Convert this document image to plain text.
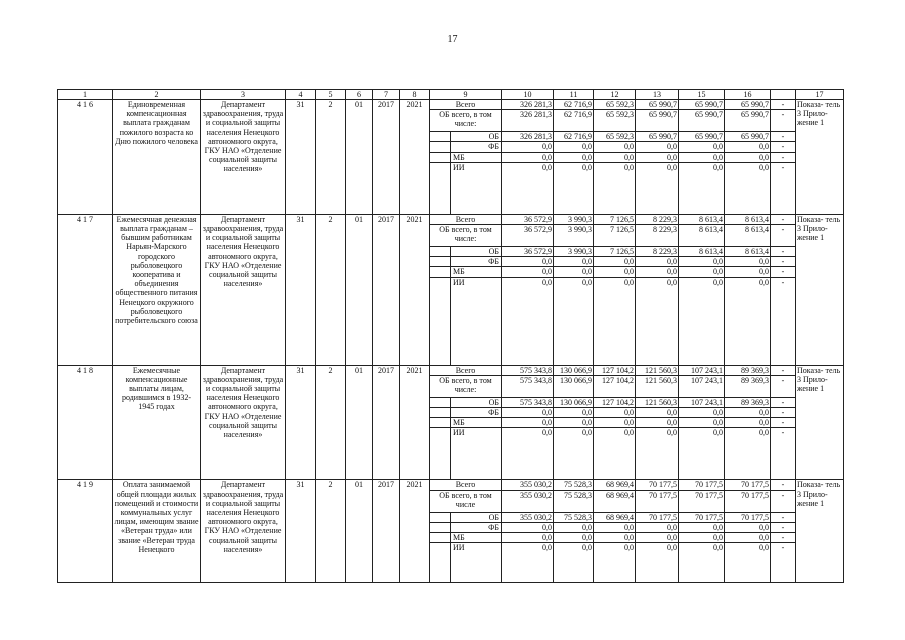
17
1	2	3	4	5	6	7	8	9		10	11	12	13	15	16		17
4 1 6	Единовременная компенсационная выплата гражданам пожилого возраста ко Дню пожилого человека	Департамент здравоохранения, труда и социальной защиты населения Ненецкого автономного округа, ГКУ НАО «Отделение социальной защиты населения»	31	2	01	2017	2021	Всего		326 281,3	62 716,9	65 592,3	65 990,7	65 990,7	65 990,7	-	Показа- тель 3 Прило- жение 1
								ОБ всего, в том числе:		326 281,3	62 716,9	65 592,3	65 990,7	65 990,7	65 990,7	-	
									ОБ	326 281,3	62 716,9	65 592,3	65 990,7	65 990,7	65 990,7	-	
									ФБ	0,0	0,0	0,0	0,0	0,0	0,0	-	
									МБ	0,0	0,0	0,0	0,0	0,0	0,0	-	
									ИИ	0,0	0,0	0,0	0,0	0,0	0,0	-	
4 1 7	Ежемесячная денежная выплата гражданам – бывшим работникам Нарьян-Марского городского рыболовецкого кооператива и объединения общественного питания Ненецкого окружного рыболовецкого потребительского союза	Департамент здравоохранения, труда и социальной защиты населения Ненецкого автономного округа, ГКУ НАО «Отделение социальной защиты населения»	31	2	01	2017	2021	Всего		36 572,9	3 990,3	7 126,5	8 229,3	8 613,4	8 613,4	-	Показа- тель 3 Прило- жение 1
								ОБ всего, в том числе:		36 572,9	3 990,3	7 126,5	8 229,3	8 613,4	8 613,4	-	
									ОБ	36 572,9	3 990,3	7 126,5	8 229,3	8 613,4	8 613,4	-	
									ФБ	0,0	0,0	0,0	0,0	0,0	0,0	-	
									МБ	0,0	0,0	0,0	0,0	0,0	0,0	-	
									ИИ	0,0	0,0	0,0	0,0	0,0	0,0	-	
4 1 8	Ежемесячные компенсационные выплаты лицам, родившимся в 1932-1945 годах	Департамент здравоохранения, труда и социальной защиты населения Ненецкого автономного округа, ГКУ НАО «Отделение социальной защиты населения»	31	2	01	2017	2021	Всего		575 343,8	130 066,9	127 104,2	121 560,3	107 243,1	89 369,3	-	Показа- тель 3 Прило- жение 1
								ОБ всего, в том числе:		575 343,8	130 066,9	127 104,2	121 560,3	107 243,1	89 369,3	-	
									ОБ	575 343,8	130 066,9	127 104,2	121 560,3	107 243,1	89 369,3	-	
									ФБ	0,0	0,0	0,0	0,0	0,0	0,0	-	
									МБ	0,0	0,0	0,0	0,0	0,0	0,0	-	
									ИИ	0,0	0,0	0,0	0,0	0,0	0,0	-	
4 1 9	Оплата занимаемой общей площади жилых помещений и стоимости коммунальных услуг лицам, имеющим звание «Ветеран труда» или звание «Ветеран труда Ненецкого	Департамент здравоохранения, труда и социальной защиты населения Ненецкого автономного округа, ГКУ НАО «Отделение социальной защиты населения»	31	2	01	2017	2021	Всего		355 030,2	75 528,3	68 969,4	70 177,5	70 177,5	70 177,5	-	Показа- тель 3 Прило- жение 1
								ОБ всего, в том числе		355 030,2	75 528,3	68 969,4	70 177,5	70 177,5	70 177,5	-	
									ОБ	355 030,2	75 528,3	68 969,4	70 177,5	70 177,5	70 177,5	-	
									ФБ	0,0	0,0	0,0	0,0	0,0	0,0	-	
									МБ	0,0	0,0	0,0	0,0	0,0	0,0	-	
									ИИ	0,0	0,0	0,0	0,0	0,0	0,0	-	
